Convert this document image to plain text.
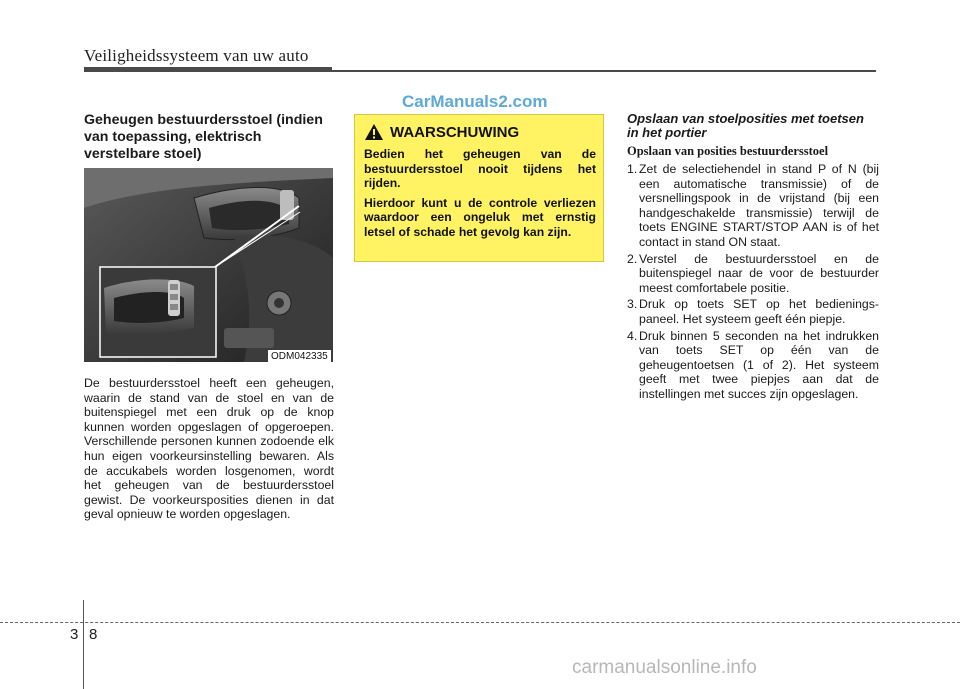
Veiligheidssysteem van uw auto
CarManuals2.com
Geheugen bestuurdersstoel (indien van toepassing, elektrisch verstelbare stoel)
ODM042335
De bestuurdersstoel heeft een geheugen, waarin de stand van de stoel en van de buitenspiegel met een druk op de knop kunnen worden opgeslagen of opgeroepen. Verschillende personen kunnen zodoende elk hun eigen voorkeursinstelling bewaren. Als de accukabels worden losgenomen, wordt het geheugen van de bestuurdersstoel gewist. De voorkeursposities dienen in dat geval opnieuw te worden opgeslagen.
WAARSCHUWING

Bedien het geheugen van de bestuurdersstoel nooit tijdens het rijden.

Hierdoor kunt u de controle verliezen waardoor een ongeluk met ernstig letsel of schade het gevolg kan zijn.

Opslaan van stoelposities met toetsen in het portier
Opslaan van posities bestuurdersstoel
1. Zet de selectiehendel in stand P of N (bij een automatische transmissie) of de versnellingspook in de vrijstand (bij een handgeschakelde transmissie) terwijl de toets ENGINE START/STOP AAN is of het contact in stand ON staat.
2. Verstel de bestuurdersstoel en de buitenspiegel naar de voor de bestuurder meest comfortabele positie.
3. Druk op toets SET op het bedienings-paneel. Het systeem geeft één piepje.
4. Druk binnen 5 seconden na het indrukken van toets SET op één van de geheugentoetsen (1 of 2). Het systeem geeft met twee piepjes aan dat de instellingen met succes zijn opgeslagen.
3 8
carmanualsonline.info
